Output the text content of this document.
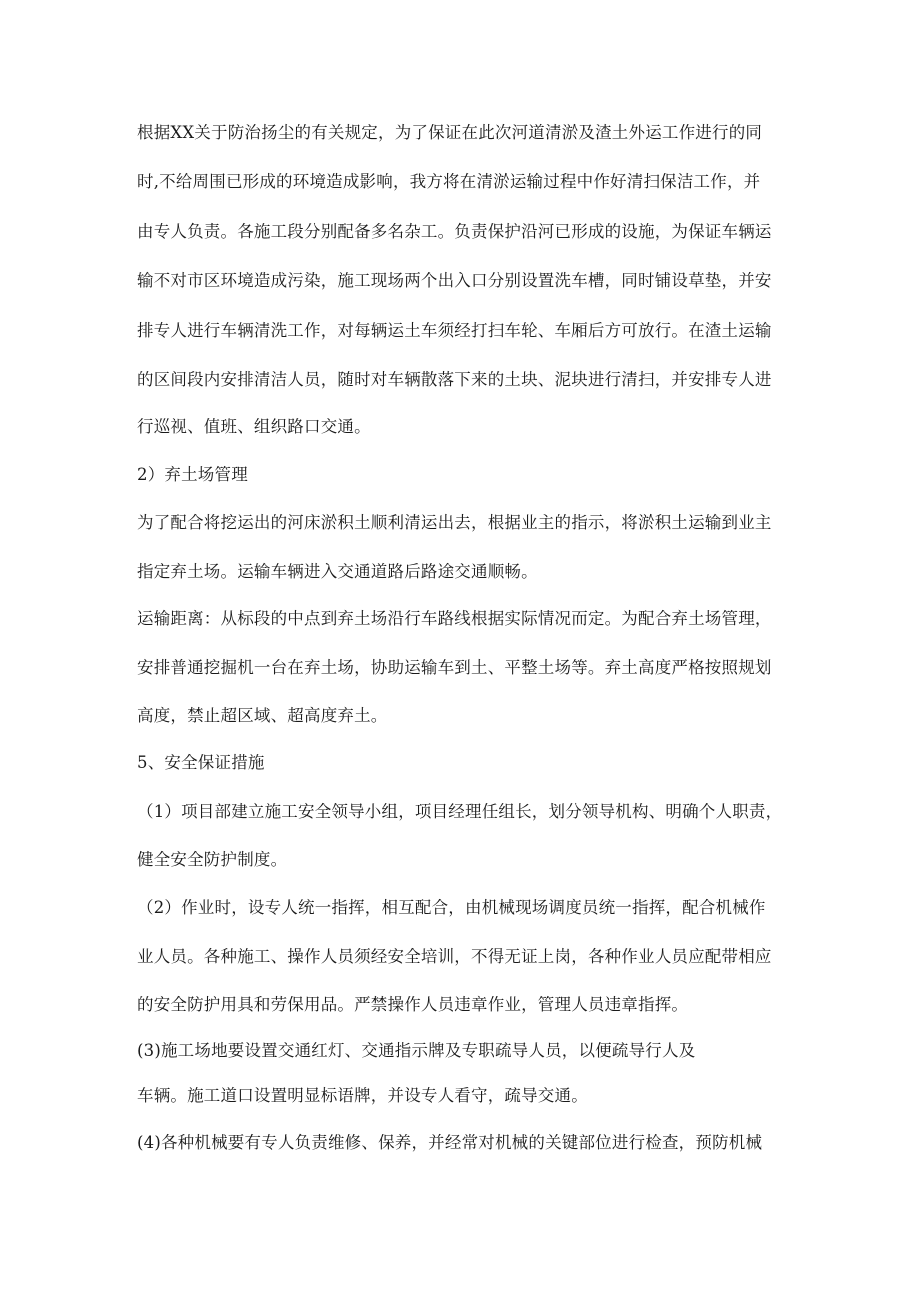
根据XX关于防治扬尘的有关规定，为了保证在此次河道清淤及渣土外运工作进行的同
时,不给周围已形成的环境造成影响，我方将在清淤运输过程中作好清扫保洁工作，并
由专人负责。各施工段分别配备多名杂工。负责保护沿河已形成的设施，为保证车辆运
输不对市区环境造成污染，施工现场两个出入口分别设置洗车槽，同时铺设草垫，并安
排专人进行车辆清洗工作，对每辆运土车须经打扫车轮、车厢后方可放行。在渣土运输
的区间段内安排清洁人员，随时对车辆散落下来的土块、泥块进行清扫，并安排专人进
行巡视、值班、组织路口交通。
2）弃土场管理
为了配合将挖运出的河床淤积土顺利清运出去，根据业主的指示，将淤积土运输到业主
指定弃土场。运输车辆进入交通道路后路途交通顺畅。
运输距离：从标段的中点到弃土场沿行车路线根据实际情况而定。为配合弃土场管理，
安排普通挖掘机一台在弃土场，协助运输车到土、平整土场等。弃土高度严格按照规划
高度，禁止超区域、超高度弃土。
5、安全保证措施
（1）项目部建立施工安全领导小组，项目经理任组长，划分领导机构、明确个人职责，
健全安全防护制度。
（2）作业时，设专人统一指挥，相互配合，由机械现场调度员统一指挥，配合机械作
业人员。各种施工、操作人员须经安全培训，不得无证上岗，各种作业人员应配带相应
的安全防护用具和劳保用品。严禁操作人员违章作业，管理人员违章指挥。
(3)施工场地要设置交通红灯、交通指示牌及专职疏导人员，以便疏导行人及
车辆。施工道口设置明显标语牌，并设专人看守，疏导交通。
(4)各种机械要有专人负责维修、保养，并经常对机械的关键部位进行检查，预防机械
